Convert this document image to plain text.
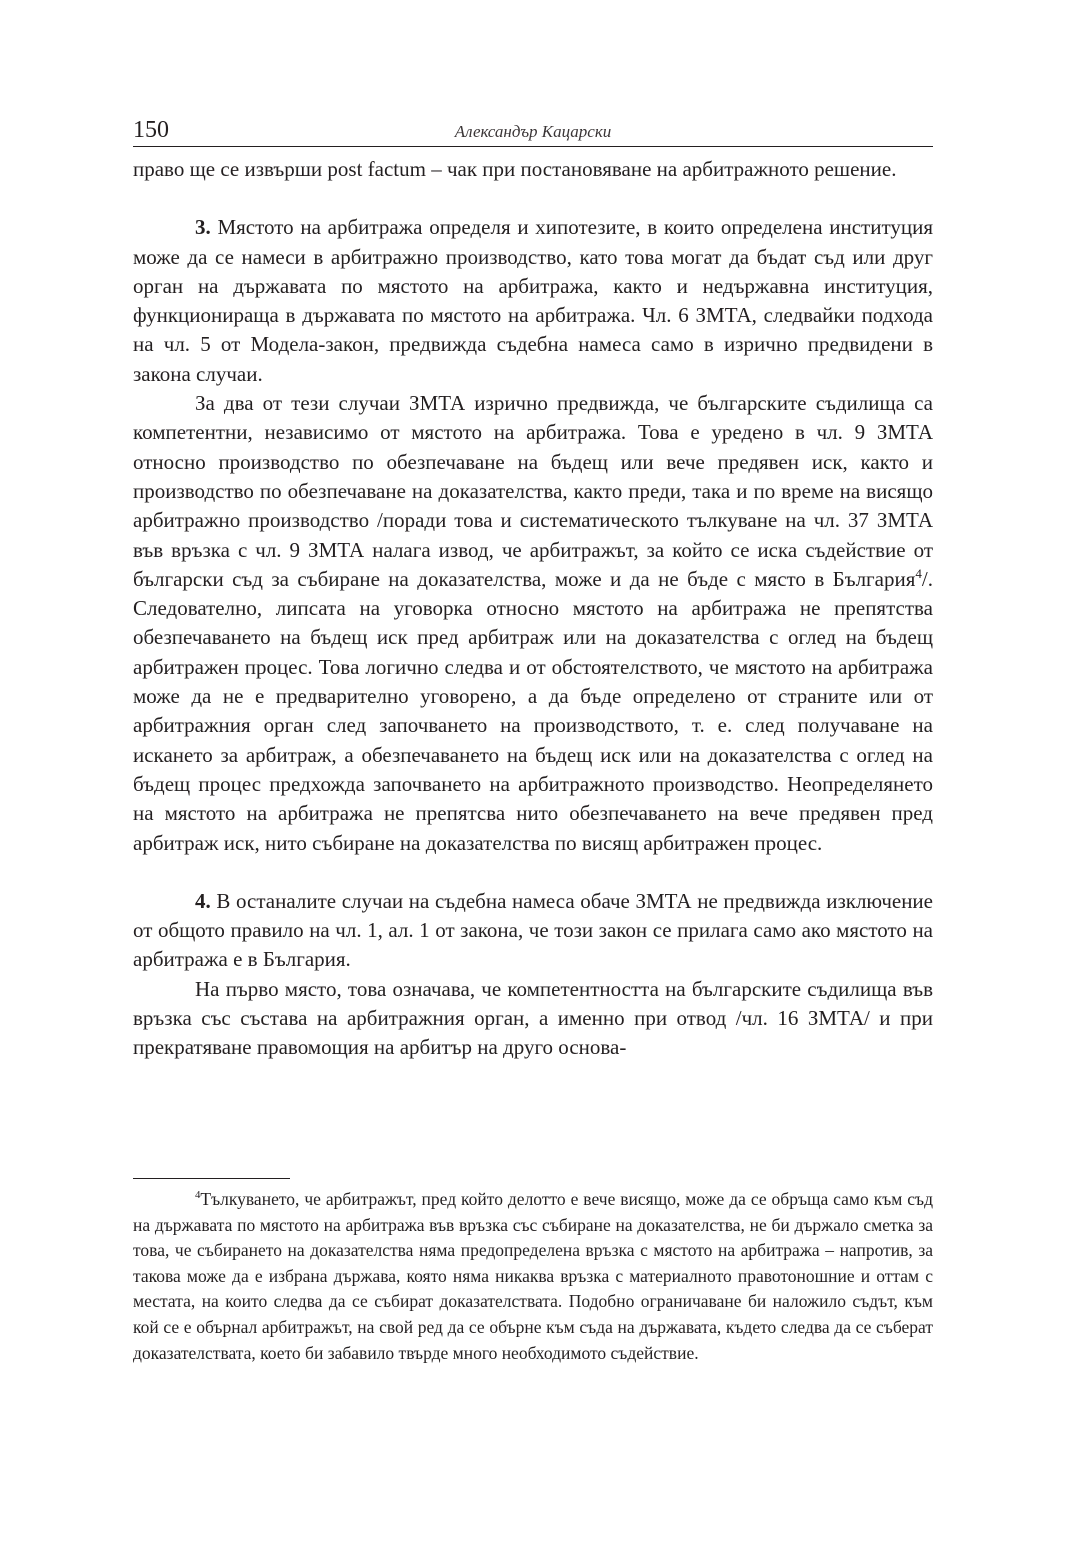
150	Александър Кацарски

право ще се извърши post factum – чак при постановяване на арбитражното решение.

3. Мястото на арбитража определя и хипотезите, в които определена институция може да се намеси в арбитражно производство, като това могат да бъдат съд или друг орган на държавата по мястото на арбитража, както и недържавна институция, функционираща в държавата по мястото на арбитража. Чл. 6 ЗМТА, следвайки подхода на чл. 5 от Модела-закон, предвижда съдебна намеса само в изрично предвидени в закона случаи.

За два от тези случаи ЗМТА изрично предвижда, че българските съдилища са компетентни, независимо от мястото на арбитража. Това е уредено в чл. 9 ЗМТА относно производство по обезпечаване на бъдещ или вече предявен иск, както и производство по обезпечаване на доказателства, както преди, така и по време на висящо арбитражно производство /поради това и систематическото тълкуване на чл. 37 ЗМТА във връзка с чл. 9 ЗМТА налага извод, че арбитражът, за който се иска съдействие от български съд за събиране на доказателства, може и да не бъде с място в България$^4$/. Следователно, липсата на уговорка относно мястото на арбитража не препятства обезпечаването на бъдещ иск пред арбитраж или на доказателства с оглед на бъдещ арбитражен процес. Това логично следва и от обстоятелството, че мястото на арбитража може да не е предварително уговорено, а да бъде определено от страните или от арбитражния орган след започването на производството, т. е. след получаване на искането за арбитраж, а обезпечаването на бъдещ иск или на доказателства с оглед на бъдещ процес предхожда започването на арбитражното производство. Неопределянето на мястото на арбитража не препятсва нито обезпечаването на вече предявен пред арбитраж иск, нито събиране на доказателства по висящ арбитражен процес.

4. В останалите случаи на съдебна намеса обаче ЗМТА не предвижда изключение от общото правило на чл. 1, ал. 1 от закона, че този закон се прилага само ако мястото на арбитража е в България.

На първо място, това означава, че компетентността на българските съдилища във връзка със състава на арбитражния орган, а именно при отвод /чл. 16 ЗМТА/ и при прекратяване правомощия на арбитър на друго основа-

$^4$Тълкуването, че арбитражът, пред който делотто е вече висящо, може да се обръща само към съд на държавата по мястото на арбитража във връзка със събиране на доказателства, не би държало сметка за това, че събирането на доказателства няма предопределена връзка с мястото на арбитража – напротив, за такова може да е избрана държава, която няма никаква връзка с материалното правотоношние и оттам с местата, на които следва да се събират доказателствата. Подобно ограничаване би наложило съдът, към кой се е обърнал арбитражът, на свой ред да се обърне към съда на държавата, където следва да се съберат доказателствата, което би забавило твърде много необходимото съдействие.
